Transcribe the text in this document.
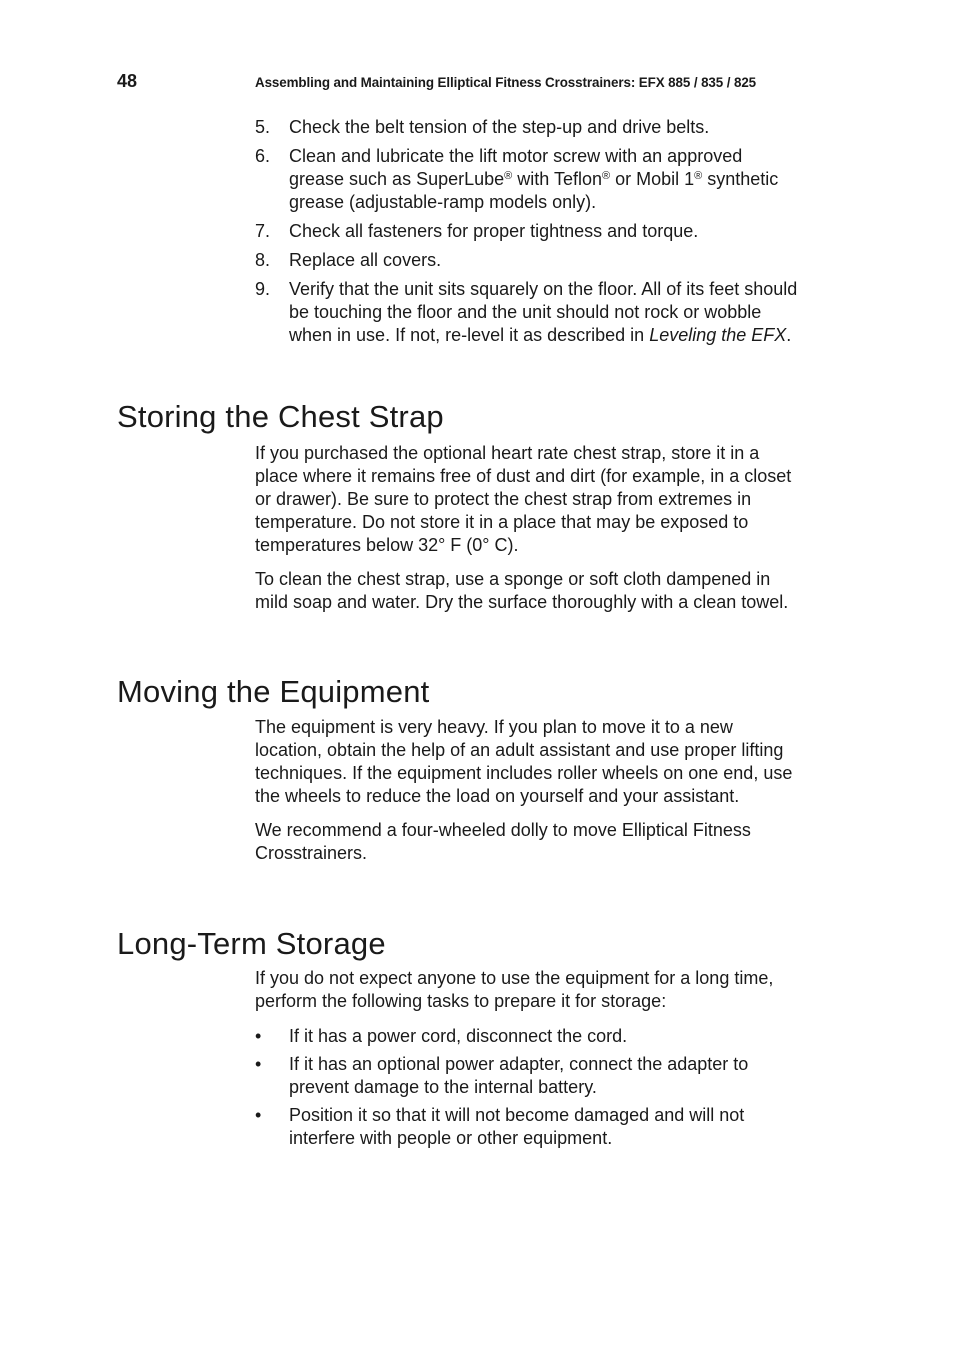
48	Assembling and Maintaining Elliptical Fitness Crosstrainers: EFX 885 / 835 / 825
5. Check the belt tension of the step-up and drive belts.
6. Clean and lubricate the lift motor screw with an approved grease such as SuperLube® with Teflon® or Mobil 1® synthetic grease (adjustable-ramp models only).
7. Check all fasteners for proper tightness and torque.
8. Replace all covers.
9. Verify that the unit sits squarely on the floor. All of its feet should be touching the floor and the unit should not rock or wobble when in use. If not, re-level it as described in Leveling the EFX.
Storing the Chest Strap

If you purchased the optional heart rate chest strap, store it in a place where it remains free of dust and dirt (for example, in a closet or drawer). Be sure to protect the chest strap from extremes in temperature. Do not store it in a place that may be exposed to temperatures below 32° F (0° C).

To clean the chest strap, use a sponge or soft cloth dampened in mild soap and water. Dry the surface thoroughly with a clean towel.

Moving the Equipment

The equipment is very heavy. If you plan to move it to a new location, obtain the help of an adult assistant and use proper lifting techniques. If the equipment includes roller wheels on one end, use the wheels to reduce the load on yourself and your assistant.

We recommend a four-wheeled dolly to move Elliptical Fitness Crosstrainers.

Long-Term Storage

If you do not expect anyone to use the equipment for a long time, perform the following tasks to prepare it for storage:

• If it has a power cord, disconnect the cord.
• If it has an optional power adapter, connect the adapter to prevent damage to the internal battery.
• Position it so that it will not become damaged and will not interfere with people or other equipment.
